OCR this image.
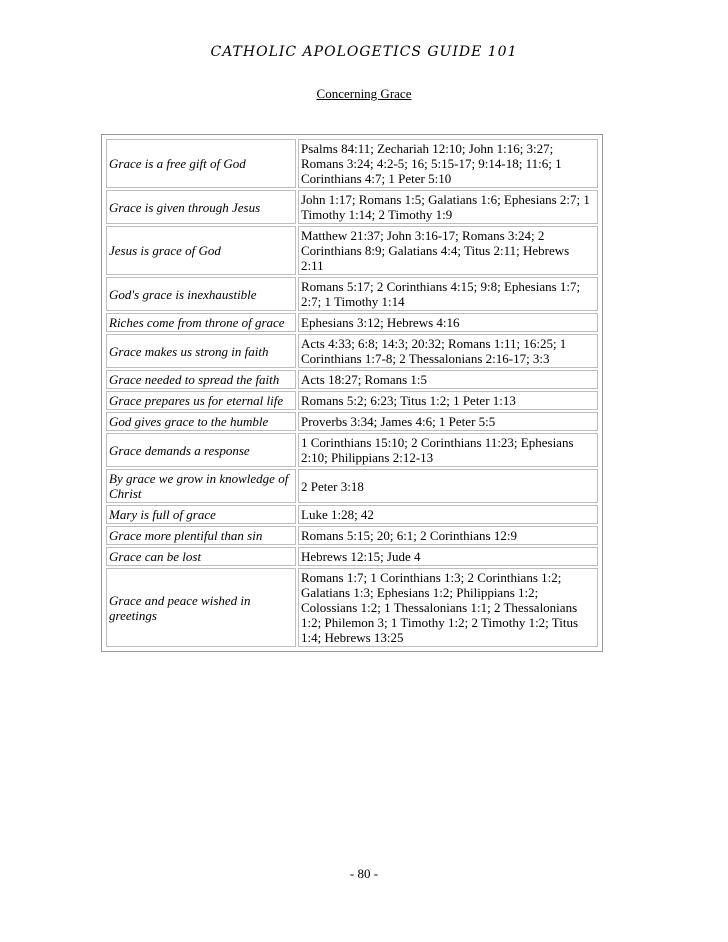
CATHOLIC APOLOGETICS GUIDE 101
Concerning Grace
Grace is a free gift of God	Psalms 84:11; Zechariah 12:10; John 1:16; 3:27; Romans 3:24; 4:2-5; 16; 5:15-17; 9:14-18; 11:6; 1 Corinthians 4:7; 1 Peter 5:10
Grace is given through Jesus	John 1:17; Romans 1:5; Galatians 1:6; Ephesians 2:7; 1 Timothy 1:14; 2 Timothy 1:9
Jesus is grace of God	Matthew 21:37; John 3:16-17; Romans 3:24; 2 Corinthians 8:9; Galatians 4:4; Titus 2:11; Hebrews 2:11
God's grace is inexhaustible	Romans 5:17; 2 Corinthians 4:15; 9:8; Ephesians 1:7; 2:7; 1 Timothy 1:14
Riches come from throne of grace	Ephesians 3:12; Hebrews 4:16
Grace makes us strong in faith	Acts 4:33; 6:8; 14:3; 20:32; Romans 1:11; 16:25; 1 Corinthians 1:7-8; 2 Thessalonians 2:16-17; 3:3
Grace needed to spread the faith	Acts 18:27; Romans 1:5
Grace prepares us for eternal life	Romans 5:2; 6:23; Titus 1:2; 1 Peter 1:13
God gives grace to the humble	Proverbs 3:34; James 4:6; 1 Peter 5:5
Grace demands a response	1 Corinthians 15:10; 2 Corinthians 11:23; Ephesians 2:10; Philippians 2:12-13
By grace we grow in knowledge of Christ	2 Peter 3:18
Mary is full of grace	Luke 1:28; 42
Grace more plentiful than sin	Romans 5:15; 20; 6:1; 2 Corinthians 12:9
Grace can be lost	Hebrews 12:15; Jude 4
Grace and peace wished in greetings	Romans 1:7; 1 Corinthians 1:3; 2 Corinthians 1:2; Galatians 1:3; Ephesians 1:2; Philippians 1:2; Colossians 1:2; 1 Thessalonians 1:1; 2 Thessalonians 1:2; Philemon 3; 1 Timothy 1:2; 2 Timothy 1:2; Titus 1:4; Hebrews 13:25
- 80 -
